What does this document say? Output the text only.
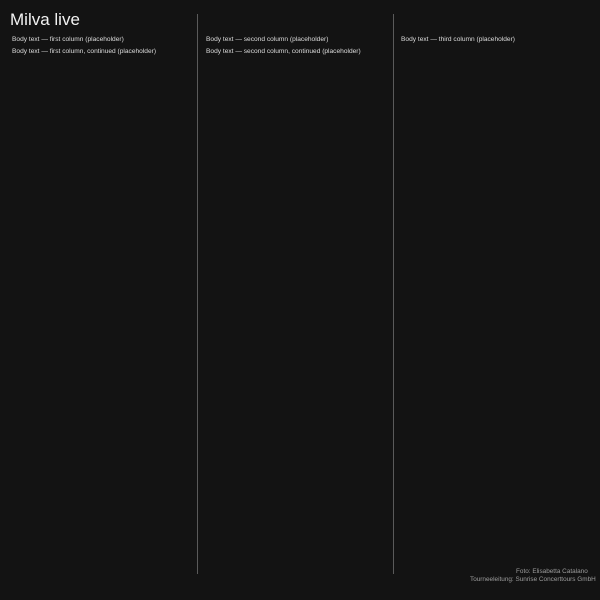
Milva live

Body text — first column (placeholder)

Body text — first column, continued (placeholder)

Body text — second column (placeholder)

Body text — second column, continued (placeholder)

Body text — third column (placeholder)

Foto: Elisabetta Catalano
Tourneeleitung: Sunrise Concerttours GmbH
